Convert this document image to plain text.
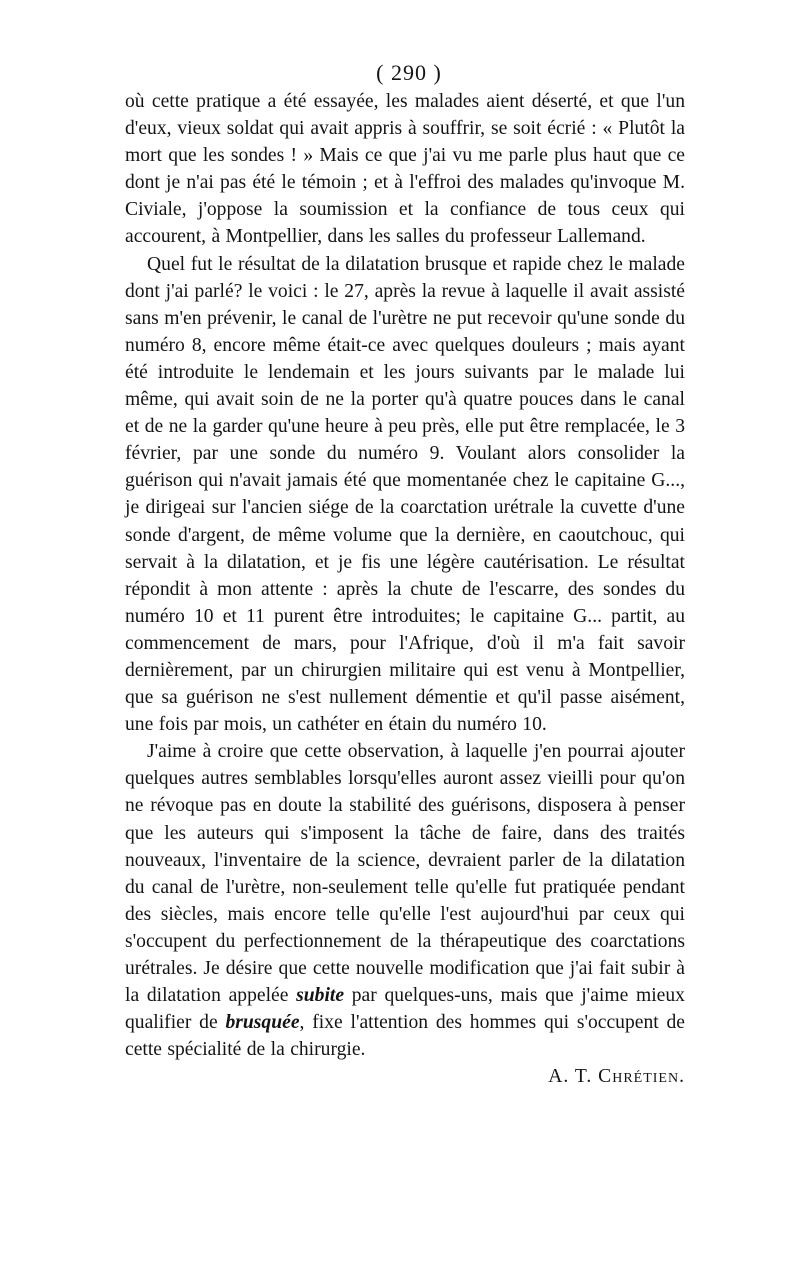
( 290 )

où cette pratique a été essayée, les malades aient déserté, et que l'un d'eux, vieux soldat qui avait appris à souffrir, se soit écrié : « Plutôt la mort que les sondes ! » Mais ce que j'ai vu me parle plus haut que ce dont je n'ai pas été le témoin ; et à l'effroi des malades qu'invoque M. Civiale, j'oppose la soumission et la confiance de tous ceux qui accourent, à Montpellier, dans les salles du professeur Lallemand.

Quel fut le résultat de la dilatation brusque et rapide chez le malade dont j'ai parlé? le voici : le 27, après la revue à laquelle il avait assisté sans m'en prévenir, le canal de l'urètre ne put recevoir qu'une sonde du numéro 8, encore même était-ce avec quelques douleurs ; mais ayant été introduite le lendemain et les jours suivants par le malade lui même, qui avait soin de ne la porter qu'à quatre pouces dans le canal et de ne la garder qu'une heure à peu près, elle put être remplacée, le 3 février, par une sonde du numéro 9. Voulant alors consolider la guérison qui n'avait jamais été que momentanée chez le capitaine G..., je dirigeai sur l'ancien siége de la coarctation urétrale la cuvette d'une sonde d'argent, de même volume que la dernière, en caoutchouc, qui servait à la dilatation, et je fis une légère cautérisation. Le résultat répondit à mon attente : après la chute de l'escarre, des sondes du numéro 10 et 11 purent être introduites; le capitaine G... partit, au commencement de mars, pour l'Afrique, d'où il m'a fait savoir dernièrement, par un chirurgien militaire qui est venu à Montpellier, que sa guérison ne s'est nullement démentie et qu'il passe aisément, une fois par mois, un cathéter en étain du numéro 10.

J'aime à croire que cette observation, à laquelle j'en pourrai ajouter quelques autres semblables lorsqu'elles auront assez vieilli pour qu'on ne révoque pas en doute la stabilité des guérisons, disposera à penser que les auteurs qui s'imposent la tâche de faire, dans des traités nouveaux, l'inventaire de la science, devraient parler de la dilatation du canal de l'urètre, non-seulement telle qu'elle fut pratiquée pendant des siècles, mais encore telle qu'elle l'est aujourd'hui par ceux qui s'occupent du perfectionnement de la thérapeutique des coarctations urétrales. Je désire que cette nouvelle modification que j'ai fait subir à la dilatation appelée subite par quelques-uns, mais que j'aime mieux qualifier de brusquée, fixe l'attention des hommes qui s'occupent de cette spécialité de la chirurgie.

A. T. Chrétien.
